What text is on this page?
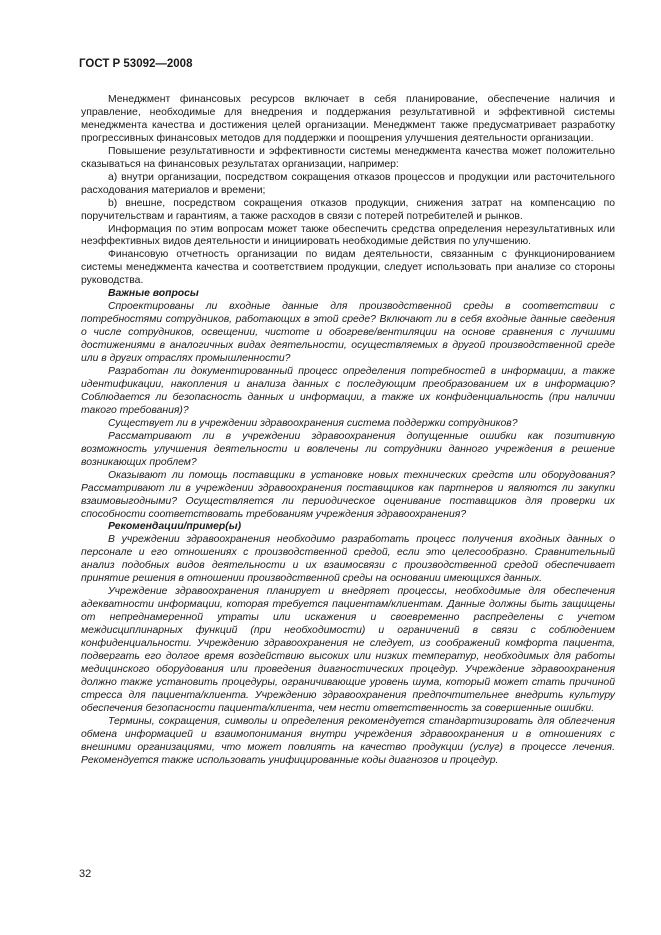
ГОСТ Р 53092—2008

Менеджмент финансовых ресурсов включает в себя планирование, обеспечение наличия и управление, необходимые для внедрения и поддержания результативной и эффективной системы менеджмента качества и достижения целей организации. Менеджмент также предусматривает разработку прогрессивных финансовых методов для поддержки и поощрения улучшения деятельности организации.

Повышение результативности и эффективности системы менеджмента качества может положительно сказываться на финансовых результатах организации, например:

a) внутри организации, посредством сокращения отказов процессов и продукции или расточительного расходования материалов и времени;

b) внешне, посредством сокращения отказов продукции, снижения затрат на компенсацию по поручительствам и гарантиям, а также расходов в связи с потерей потребителей и рынков.

Информация по этим вопросам может также обеспечить средства определения нерезультативных или неэффективных видов деятельности и инициировать необходимые действия по улучшению.

Финансовую отчетность организации по видам деятельности, связанным с функционированием системы менеджмента качества и соответствием продукции, следует использовать при анализе со стороны руководства.

Важные вопросы

Спроектированы ли входные данные для производственной среды в соответствии с потребностями сотрудников, работающих в этой среде? Включают ли в себя входные данные сведения о числе сотрудников, освещении, чистоте и обогреве/вентиляции на основе сравнения с лучшими достижениями в аналогичных видах деятельности, осуществляемых в другой производственной среде или в других отраслях промышленности?

Разработан ли документированный процесс определения потребностей в информации, а также идентификации, накопления и анализа данных с последующим преобразованием их в информацию? Соблюдается ли безопасность данных и информации, а также их конфиденциальность (при наличии такого требования)?

Существует ли в учреждении здравоохранения система поддержки сотрудников?

Рассматривают ли в учреждении здравоохранения допущенные ошибки как позитивную возможность улучшения деятельности и вовлечены ли сотрудники данного учреждения в решение возникающих проблем?

Оказывают ли помощь поставщики в установке новых технических средств или оборудования? Рассматривают ли в учреждении здравоохранения поставщиков как партнеров и являются ли закупки взаимовыгодными? Осуществляется ли периодическое оценивание поставщиков для проверки их способности соответствовать требованиям учреждения здравоохранения?

Рекомендации/пример(ы)

В учреждении здравоохранения необходимо разработать процесс получения входных данных о персонале и его отношениях с производственной средой, если это целесообразно. Сравнительный анализ подобных видов деятельности и их взаимосвязи с производственной средой обеспечивает принятие решения в отношении производственной среды на основании имеющихся данных.

Учреждение здравоохранения планирует и внедряет процессы, необходимые для обеспечения адекватности информации, которая требуется пациентам/клиентам. Данные должны быть защищены от непреднамеренной утраты или искажения и своевременно распределены с учетом междисциплинарных функций (при необходимости) и ограничений в связи с соблюдением конфиденциальности. Учреждению здравоохранения не следует, из соображений комфорта пациента, подвергать его долгое время воздействию высоких или низких температур, необходимых для работы медицинского оборудования или проведения диагностических процедур. Учреждение здравоохранения должно также установить процедуры, ограничивающие уровень шума, который может стать причиной стресса для пациента/клиента. Учреждению здравоохранения предпочтительнее внедрить культуру обеспечения безопасности пациента/клиента, чем нести ответственность за совершенные ошибки.

Термины, сокращения, символы и определения рекомендуется стандартизировать для облегчения обмена информацией и взаимопонимания внутри учреждения здравоохранения и в отношениях с внешними организациями, что может повлиять на качество продукции (услуг) в процессе лечения. Рекомендуется также использовать унифицированные коды диагнозов и процедур.

32
